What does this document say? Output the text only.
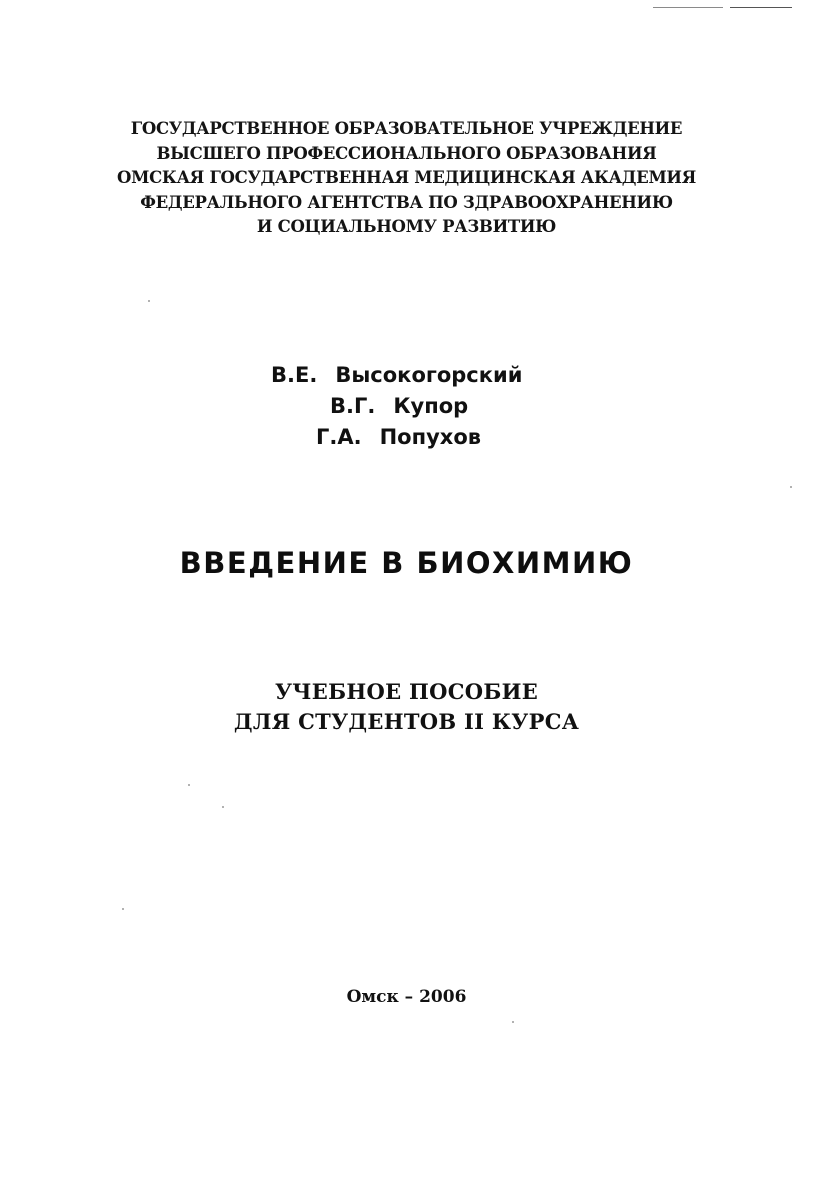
ГОСУДАРСТВЕННОЕ ОБРАЗОВАТЕЛЬНОЕ УЧРЕЖДЕНИЕ
ВЫСШЕГО ПРОФЕССИОНАЛЬНОГО ОБРАЗОВАНИЯ
ОМСКАЯ ГОСУДАРСТВЕННАЯ МЕДИЦИНСКАЯ АКАДЕМИЯ
ФЕДЕРАЛЬНОГО АГЕНТСТВА ПО ЗДРАВООХРАНЕНИЮ
И СОЦИАЛЬНОМУ РАЗВИТИЮ
В.Е. Высокогорский
В.Г. Купор
Г.А. Попухов
ВВЕДЕНИЕ В БИОХИМИЮ
УЧЕБНОЕ ПОСОБИЕ
ДЛЯ СТУДЕНТОВ II КУРСА
Омск – 2006
